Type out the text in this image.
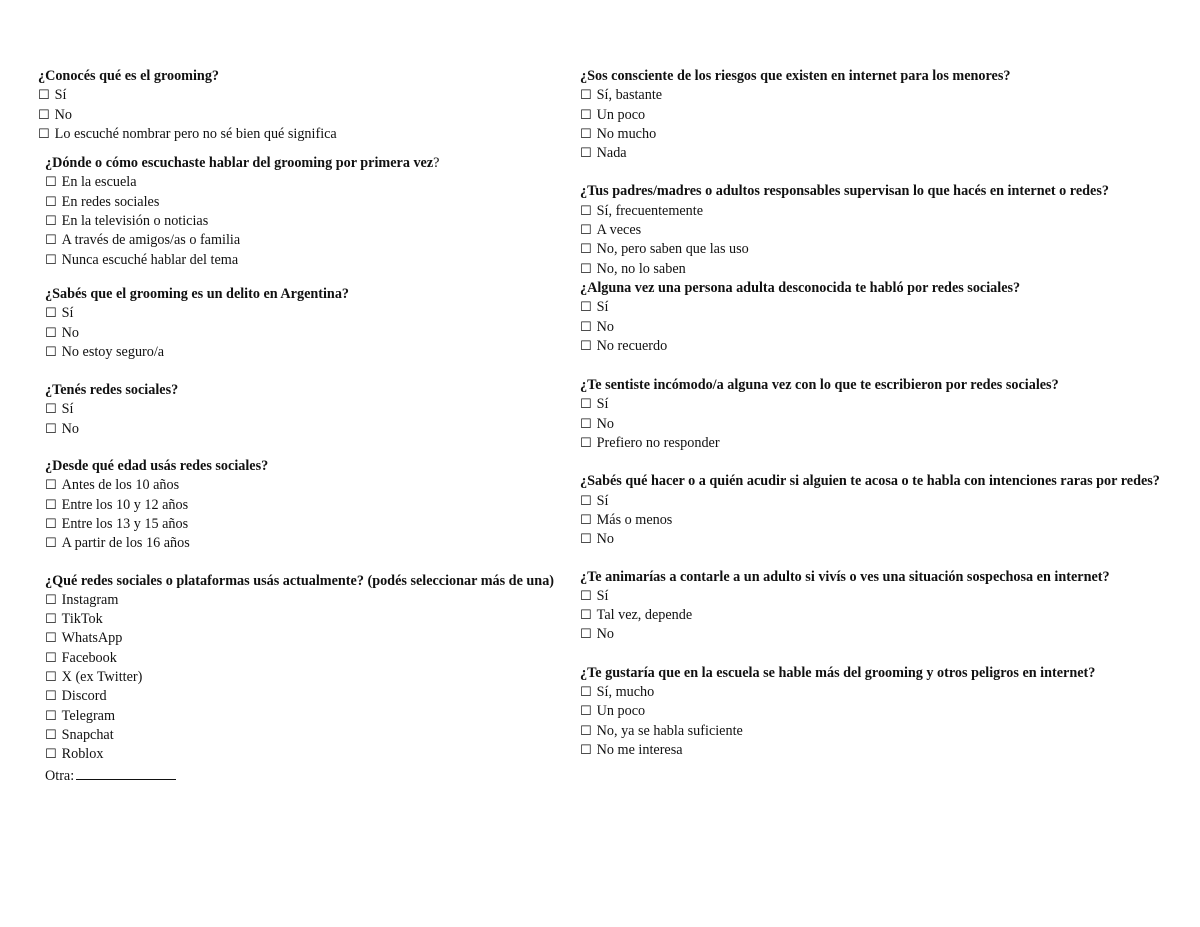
¿Conocés qué es el grooming?
☐ Sí
☐ No
☐ Lo escuché nombrar pero no sé bien qué significa
¿Dónde o cómo escuchaste hablar del grooming por primera vez?
☐ En la escuela
☐ En redes sociales
☐ En la televisión o noticias
☐ A través de amigos/as o familia
☐ Nunca escuché hablar del tema
¿Sabés que el grooming es un delito en Argentina?
☐ Sí
☐ No
☐ No estoy seguro/a
¿Tenés redes sociales?
☐ Sí
☐ No
¿Desde qué edad usás redes sociales?
☐ Antes de los 10 años
☐ Entre los 10 y 12 años
☐ Entre los 13 y 15 años
☐ A partir de los 16 años
¿Qué redes sociales o plataformas usás actualmente? (podés seleccionar más de una)
☐ Instagram
☐ TikTok
☐ WhatsApp
☐ Facebook
☐ X (ex Twitter)
☐ Discord
☐ Telegram
☐ Snapchat
☐ Roblox
Otra:
¿Sos consciente de los riesgos que existen en internet para los menores?
☐ Sí, bastante
☐ Un poco
☐ No mucho
☐ Nada
¿Tus padres/madres o adultos responsables supervisan lo que hacés en internet o redes?
☐ Sí, frecuentemente
☐ A veces
☐ No, pero saben que las uso
☐ No, no lo saben
¿Alguna vez una persona adulta desconocida te habló por redes sociales?
☐ Sí
☐ No
☐ No recuerdo
¿Te sentiste incómodo/a alguna vez con lo que te escribieron por redes sociales?
☐ Sí
☐ No
☐ Prefiero no responder
¿Sabés qué hacer o a quién acudir si alguien te acosa o te habla con intenciones raras por redes?
☐ Sí
☐ Más o menos
☐ No
¿Te animarías a contarle a un adulto si vivís o ves una situación sospechosa en internet?
☐ Sí
☐ Tal vez, depende
☐ No
¿Te gustaría que en la escuela se hable más del grooming y otros peligros en internet?
☐ Sí, mucho
☐ Un poco
☐ No, ya se habla suficiente
☐ No me interesa
